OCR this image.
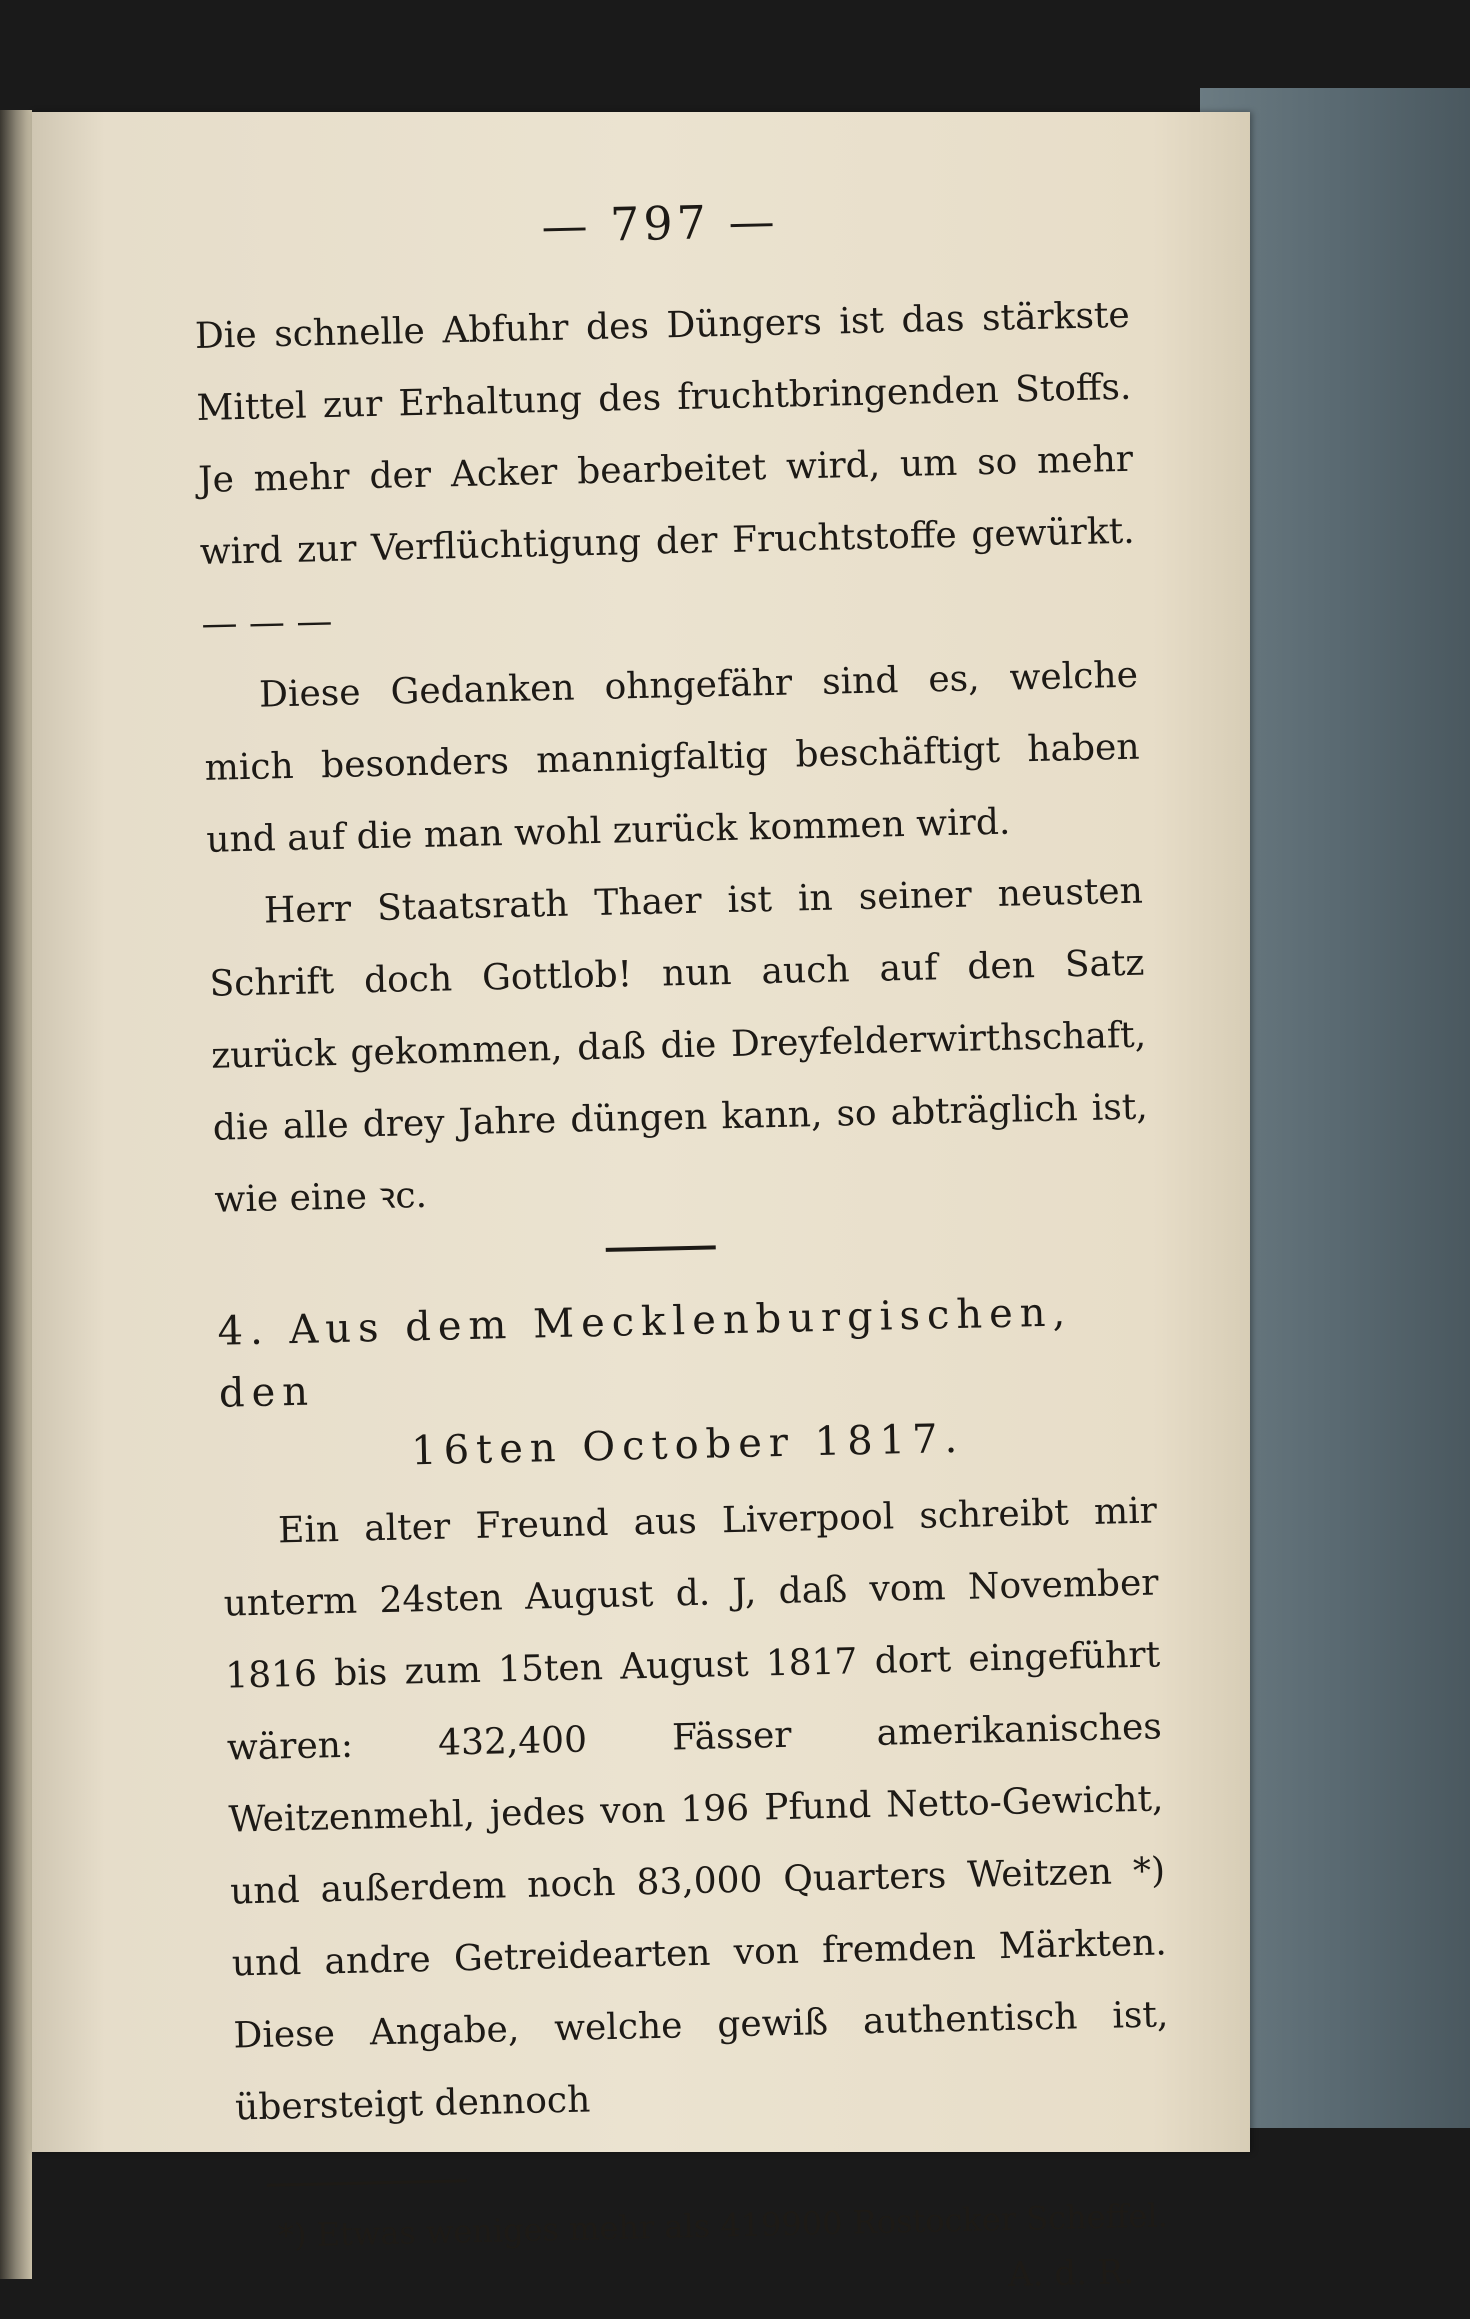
— 797 —

Die schnelle Abfuhr des Düngers ist das stärkste Mittel zur Erhaltung des fruchtbringenden Stoffs. Je mehr der Acker bearbeitet wird, um so mehr wird zur Verflüchtigung der Fruchtstoffe gewürkt. — — —

Diese Gedanken ohngefähr sind es, welche mich besonders mannigfaltig beschäftigt haben und auf die man wohl zurück kommen wird.

Herr Staatsrath Thaer ist in seiner neusten Schrift doch Gottlob! nun auch auf den Satz zurück gekommen, daß die Dreyfelderwirthschaft, die alle drey Jahre düngen kann, so abträglich ist, wie eine ꝛc.

4. Aus dem Mecklenburgischen, den

16ten October 1817.

Ein alter Freund aus Liverpool schreibt mir unterm 24sten August d. J, daß vom November 1816 bis zum 15ten August 1817 dort eingeführt wären: 432,400 Fässer amerikanisches Weitzenmehl, jedes von 196 Pfund Netto-Gewicht, und außerdem noch 83,000 Quarters Weitzen *) und andre Getreidearten von fremden Märkten. Diese Angabe, welche gewiß authentisch ist, übersteigt dennoch

*) Etwas weniges mehr als 419900 Rostocker Scheffel.

A. d. R.
